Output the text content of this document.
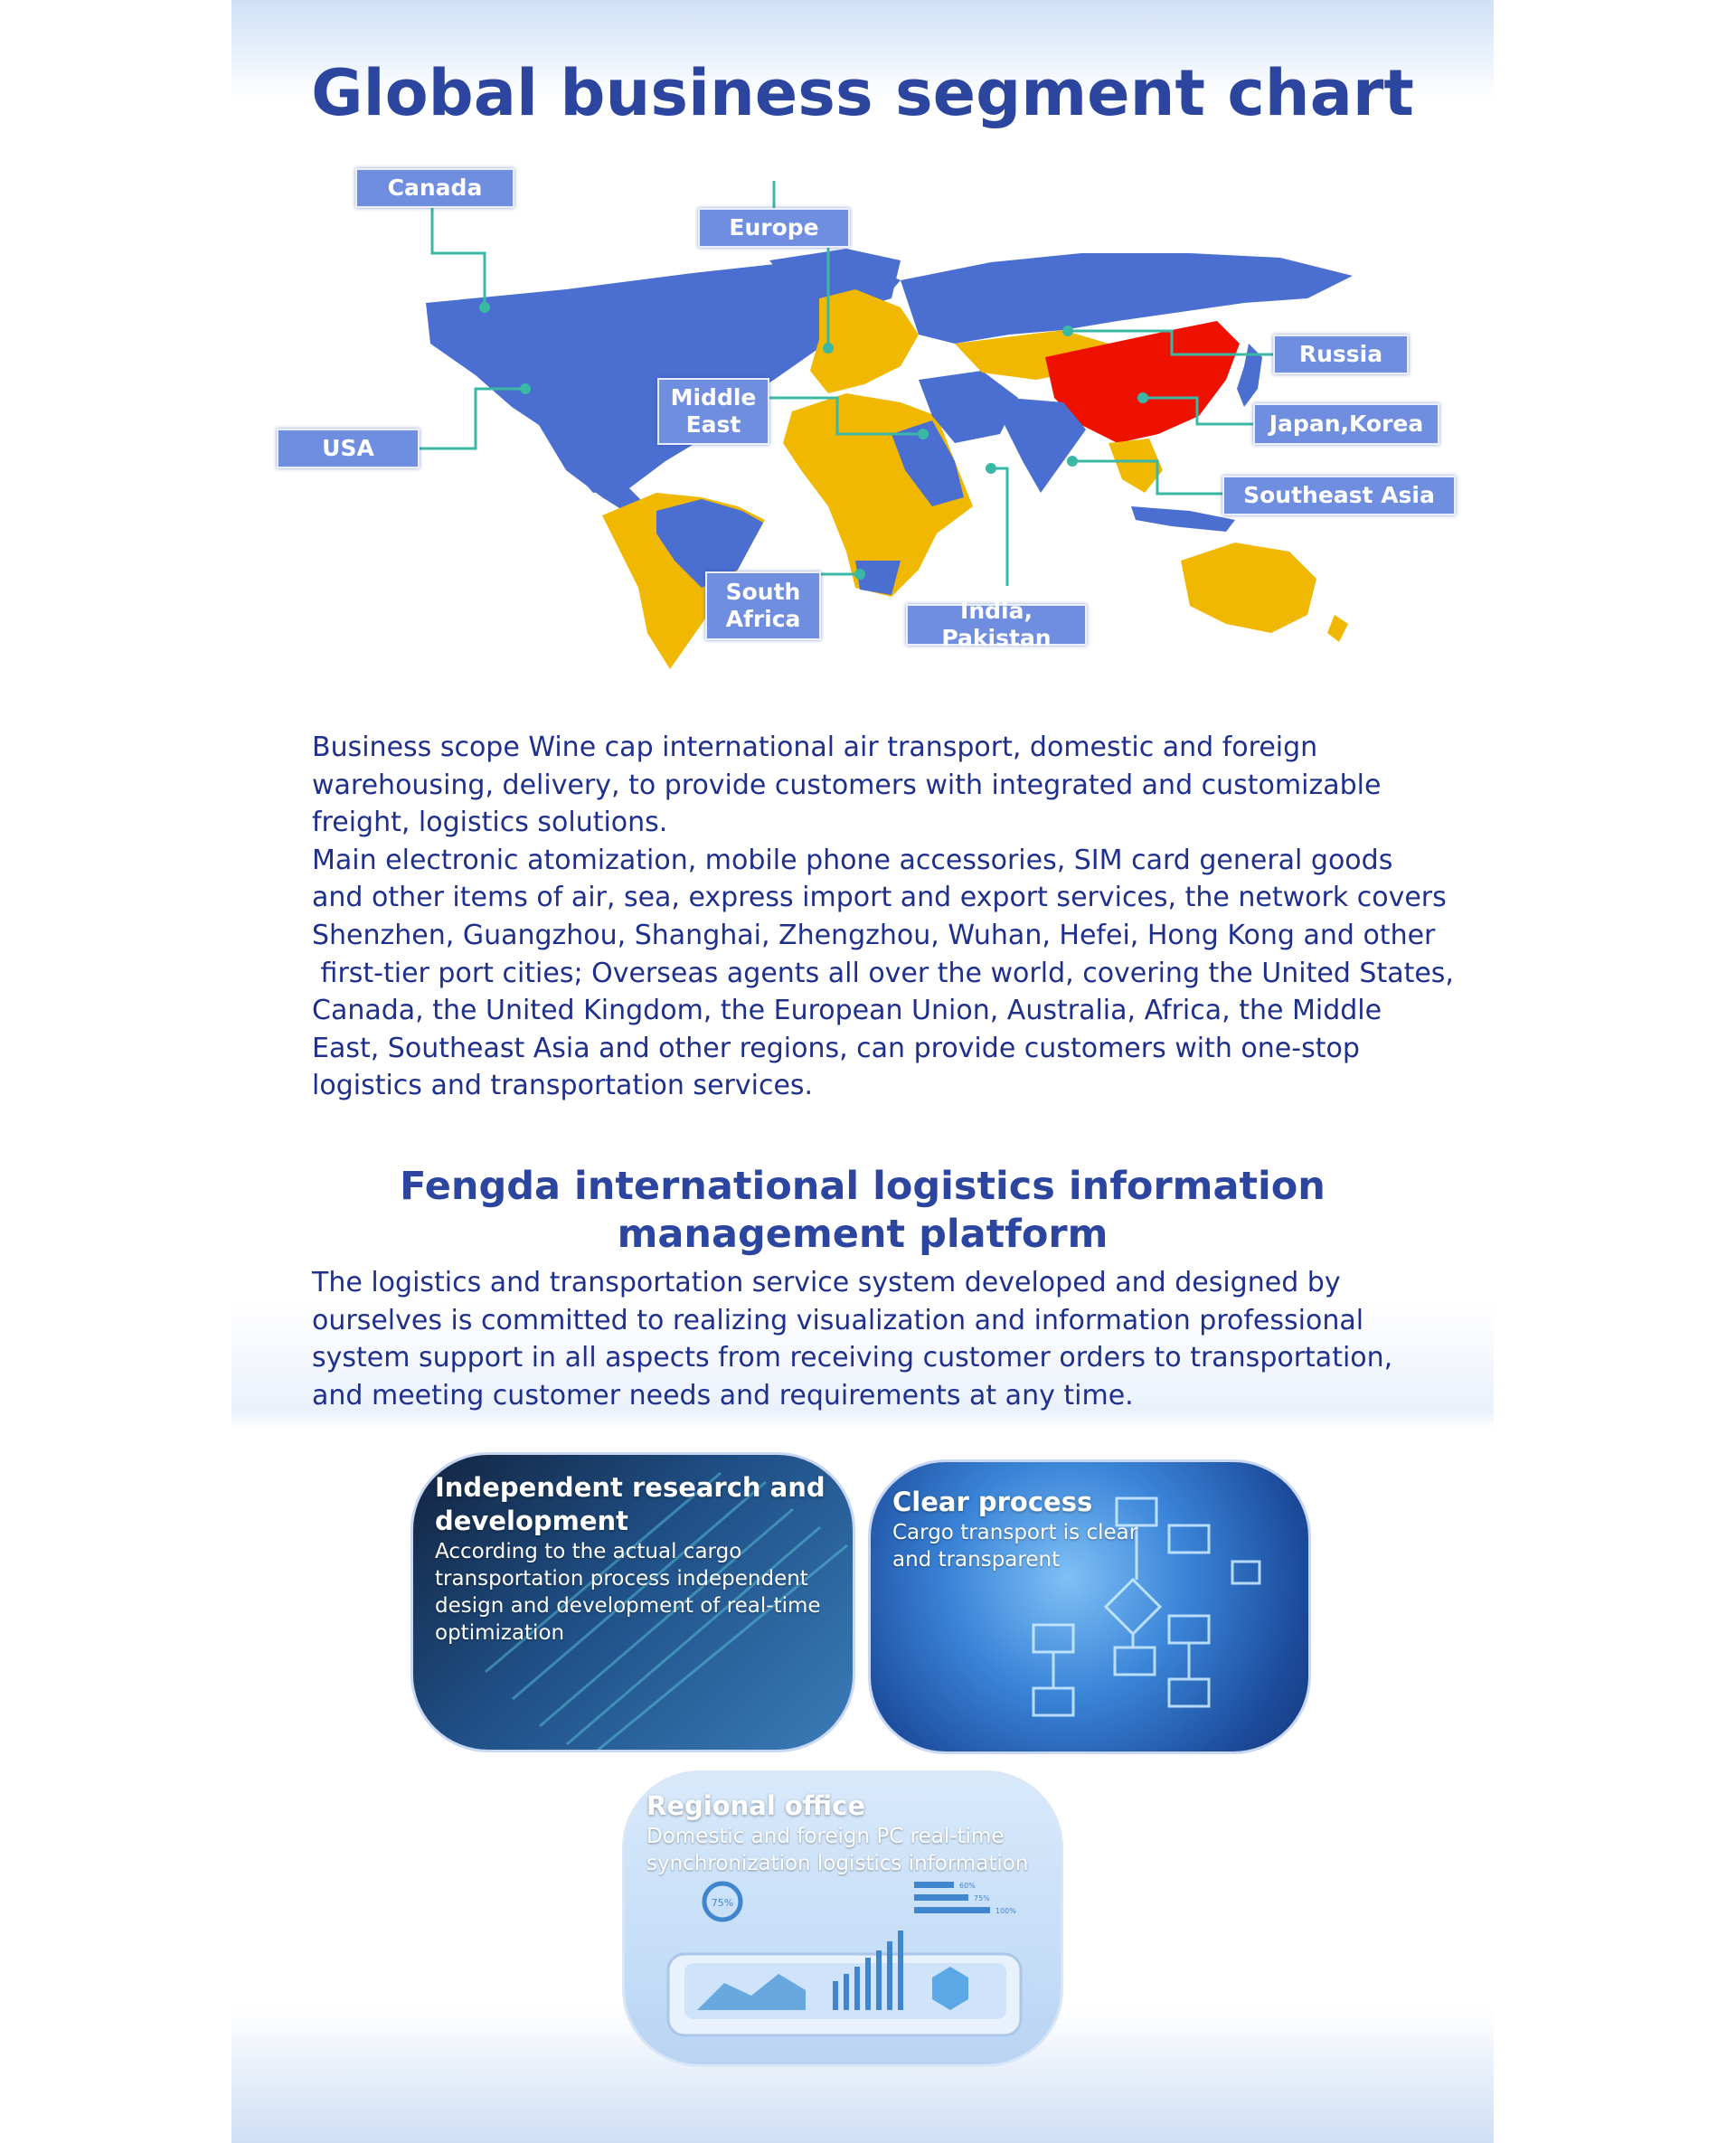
Global business segment chart
Canada
Europe
Russia
USA
Middle
East	Japan,Korea
Southeast Asia
South
Africa	India, Pakistan

Business scope Wine cap international air transport, domestic and foreign
warehousing, delivery, to provide customers with integrated and customizable
freight, logistics solutions.
Main electronic atomization, mobile phone accessories, SIM card general goods
and other items of air, sea, express import and export services, the network covers
Shenzhen, Guangzhou, Shanghai, Zhengzhou, Wuhan, Hefei, Hong Kong and other
first-tier port cities; Overseas agents all over the world, covering the United States,
Canada, the United Kingdom, the European Union, Australia, Africa, the Middle
East, Southeast Asia and other regions, can provide customers with one-stop
logistics and transportation services.

Fengda international logistics information
management platform

The logistics and transportation service system developed and designed by
ourselves is committed to realizing visualization and information professional
system support in all aspects from receiving customer orders to transportation,
and meeting customer needs and requirements at any time.

Independent research and development
According to the actual cargo transportation process independent design and development of real-time optimization
Clear process
Cargo transport is clear and transparent
75%
60%
75%
100%
Regional office
Domestic and foreign PC real-time synchronization logistics information
